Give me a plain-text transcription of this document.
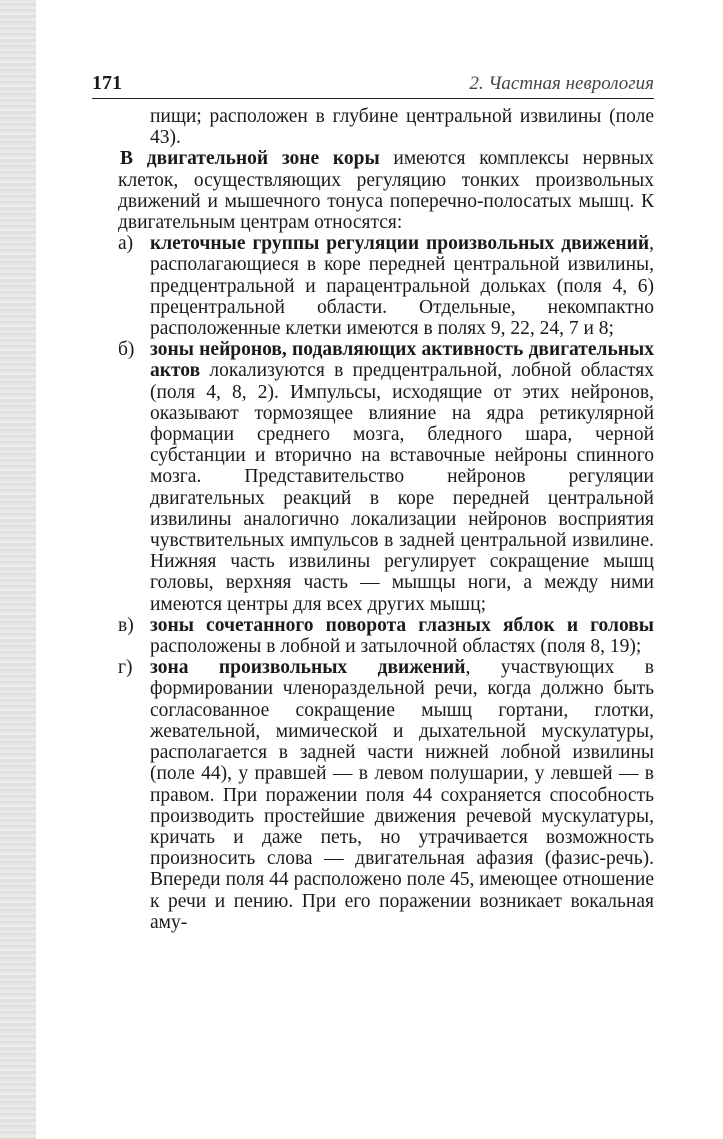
171	2. Частная неврология

пищи; расположен в глубине центральной извилины (поле 43).

В двигательной зоне коры имеются комплексы нервных клеток, осуществляющих регуляцию тонких произвольных движений и мышечного тонуса поперечно-полосатых мышц. К двигательным центрам относятся:

а) клеточные группы регуляции произвольных движений, располагающиеся в коре передней центральной извилины, предцентральной и парацентральной дольках (поля 4, 6) прецентральной области. Отдельные, некомпактно расположенные клетки имеются в полях 9, 22, 24, 7 и 8;

б) зоны нейронов, подавляющих активность двигательных актов локализуются в предцентральной, лобной областях (поля 4, 8, 2). Импульсы, исходящие от этих нейронов, оказывают тормозящее влияние на ядра ретикулярной формации среднего мозга, бледного шара, черной субстанции и вторично на вставочные нейроны спинного мозга. Представительство нейронов регуляции двигательных реакций в коре передней центральной извилины аналогично локализации нейронов восприятия чувствительных импульсов в задней центральной извилине. Нижняя часть извилины регулирует сокращение мышц головы, верхняя часть — мышцы ноги, а между ними имеются центры для всех других мышц;

в) зоны сочетанного поворота глазных яблок и головы расположены в лобной и затылочной областях (поля 8, 19);

г) зона произвольных движений, участвующих в формировании членораздельной речи, когда должно быть согласованное сокращение мышц гортани, глотки, жевательной, мимической и дыхательной мускулатуры, располагается в задней части нижней лобной извилины (поле 44), у правшей — в левом полушарии, у левшей — в правом. При поражении поля 44 сохраняется способность производить простейшие движения речевой мускулатуры, кричать и даже петь, но утрачивается возможность произносить слова — двигательная афазия (фазис-речь). Впереди поля 44 расположено поле 45, имеющее отношение к речи и пению. При его поражении возникает вокальная аму-
